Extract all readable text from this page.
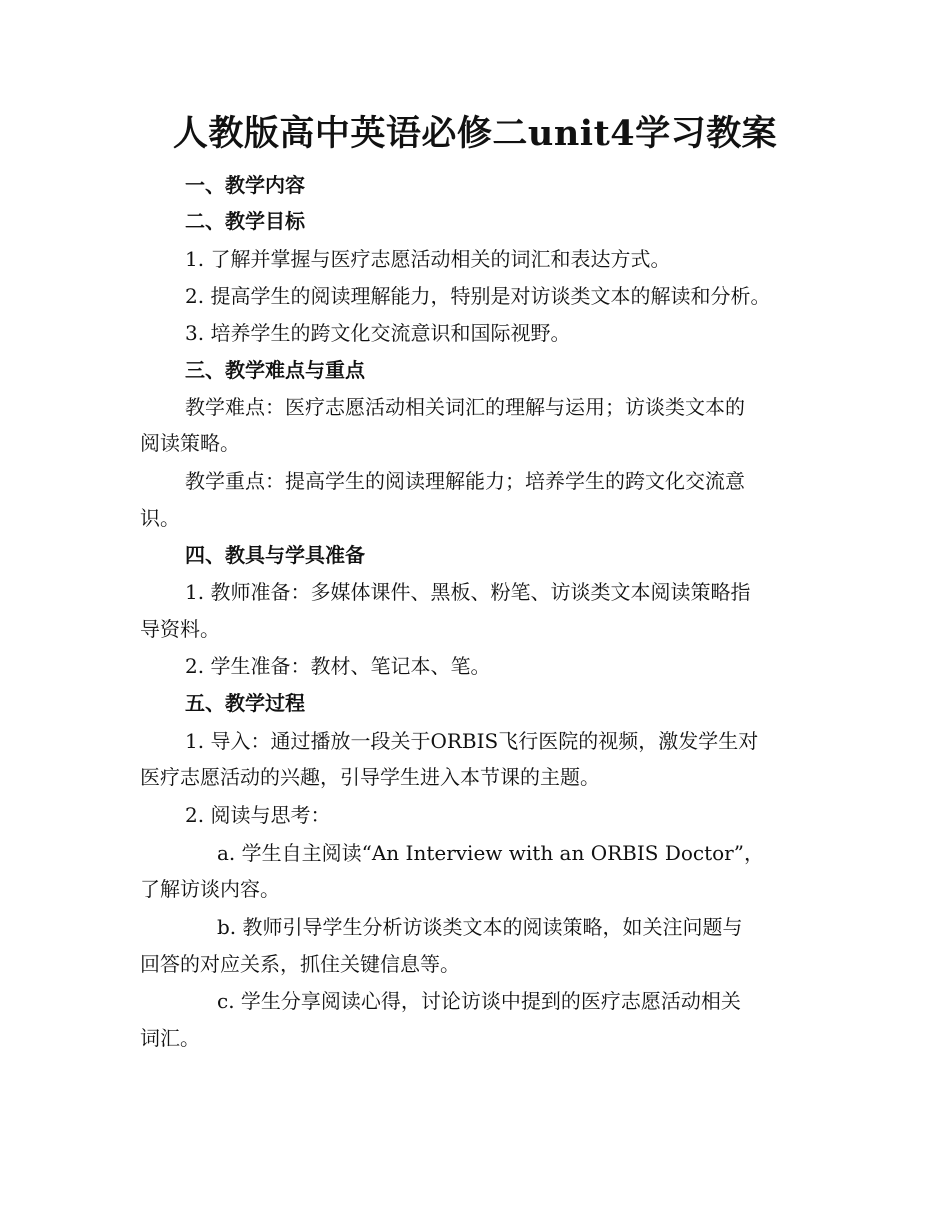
人教版高中英语必修二unit4学习教案
一、教学内容
二、教学目标
1. 了解并掌握与医疗志愿活动相关的词汇和表达方式。
2. 提高学生的阅读理解能力，特别是对访谈类文本的解读和分析。
3. 培养学生的跨文化交流意识和国际视野。
三、教学难点与重点
教学难点：医疗志愿活动相关词汇的理解与运用；访谈类文本的
阅读策略。
教学重点：提高学生的阅读理解能力；培养学生的跨文化交流意
识。
四、教具与学具准备
1. 教师准备：多媒体课件、黑板、粉笔、访谈类文本阅读策略指
导资料。
2. 学生准备：教材、笔记本、笔。
五、教学过程
1. 导入：通过播放一段关于ORBIS飞行医院的视频，激发学生对
医疗志愿活动的兴趣，引导学生进入本节课的主题。
2. 阅读与思考：
a. 学生自主阅读“An Interview with an ORBIS Doctor”，
了解访谈内容。
b. 教师引导学生分析访谈类文本的阅读策略，如关注问题与
回答的对应关系，抓住关键信息等。
c. 学生分享阅读心得，讨论访谈中提到的医疗志愿活动相关
词汇。
